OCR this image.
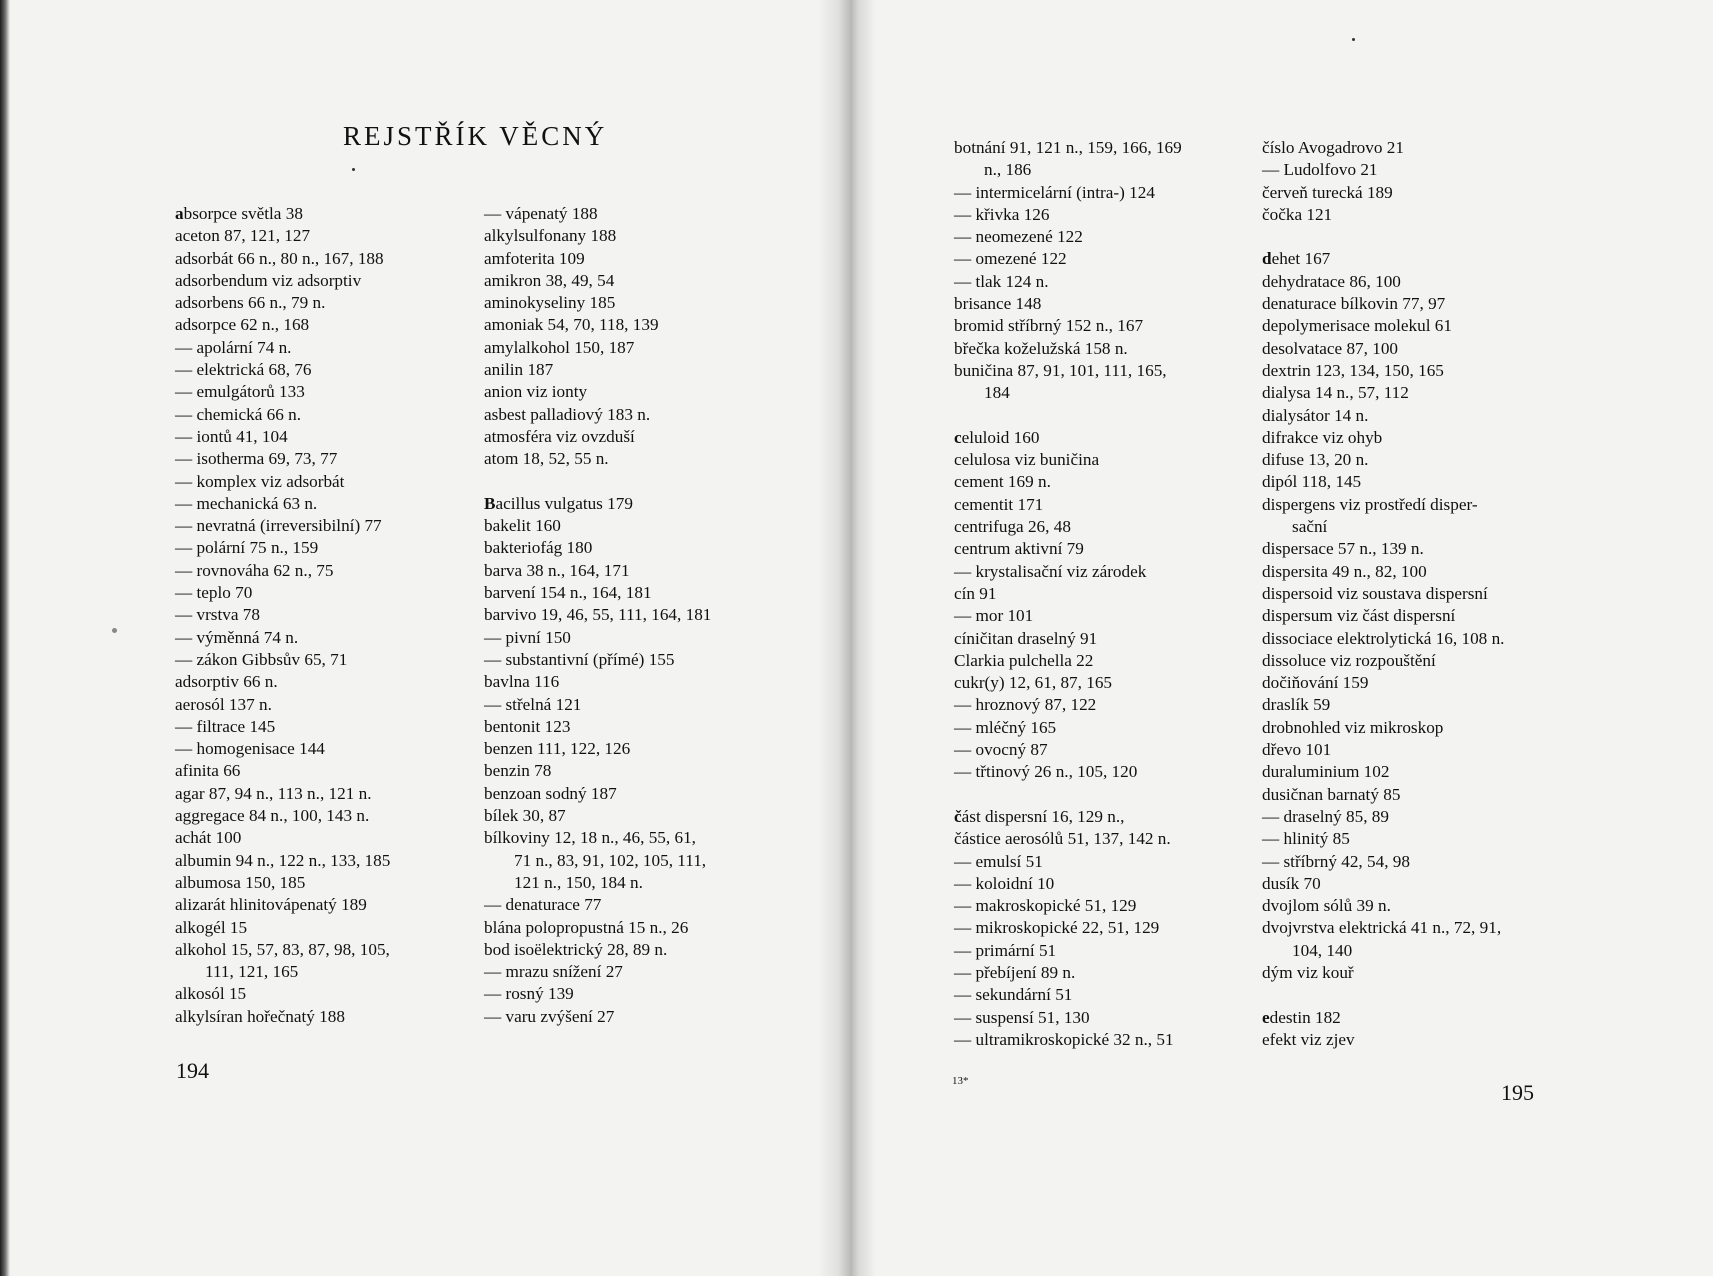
REJSTŘÍK VĚCNÝ
absorpce světla 38
aceton 87, 121, 127
adsorbát 66 n., 80 n., 167, 188
adsorbendum viz adsorptiv
adsorbens 66 n., 79 n.
adsorpce 62 n., 168
— apolární 74 n.
— elektrická 68, 76
— emulgátorů 133
— chemická 66 n.
— iontů 41, 104
— isotherma 69, 73, 77
— komplex viz adsorbát
— mechanická 63 n.
— nevratná (irreversibilní) 77
— polární 75 n., 159
— rovnováha 62 n., 75
— teplo 70
— vrstva 78
— výměnná 74 n.
— zákon Gibbsův 65, 71
adsorptiv 66 n.
aerosól 137 n.
— filtrace 145
— homogenisace 144
afinita 66
agar 87, 94 n., 113 n., 121 n.
aggregace 84 n., 100, 143 n.
achát 100
albumin 94 n., 122 n., 133, 185
albumosa 150, 185
alizarát hlinitovápenatý 189
alkogél 15
alkohol 15, 57, 83, 87, 98, 105,
111, 121, 165
alkosól 15
alkylsíran hořečnatý 188
— vápenatý 188
alkylsulfonany 188
amfoterita 109
amikron 38, 49, 54
aminokyseliny 185
amoniak 54, 70, 118, 139
amylalkohol 150, 187
anilin 187
anion viz ionty
asbest palladiový 183 n.
atmosféra viz ovzduší
atom 18, 52, 55 n.
Bacillus vulgatus 179
bakelit 160
bakteriofág 180
barva 38 n., 164, 171
barvení 154 n., 164, 181
barvivo 19, 46, 55, 111, 164, 181
— pivní 150
— substantivní (přímé) 155
bavlna 116
— střelná 121
bentonit 123
benzen 111, 122, 126
benzin 78
benzoan sodný 187
bílek 30, 87
bílkoviny 12, 18 n., 46, 55, 61,
71 n., 83, 91, 102, 105, 111,
121 n., 150, 184 n.
— denaturace 77
blána polopropustná 15 n., 26
bod isoëlektrický 28, 89 n.
— mrazu snížení 27
— rosný 139
— varu zvýšení 27

194

botnání 91, 121 n., 159, 166, 169
n., 186
— intermicelární (intra-) 124
— křivka 126
— neomezené 122
— omezené 122
— tlak 124 n.
brisance 148
bromid stříbrný 152 n., 167
břečka koželužská 158 n.
buničina 87, 91, 101, 111, 165,
184
celuloid 160
celulosa viz buničina
cement 169 n.
cementit 171
centrifuga 26, 48
centrum aktivní 79
— krystalisační viz zárodek
cín 91
— mor 101
cíničitan draselný 91
Clarkia pulchella 22
cukr(y) 12, 61, 87, 165
— hroznový 87, 122
— mléčný 165
— ovocný 87
— třtinový 26 n., 105, 120
část dispersní 16, 129 n.,
částice aerosólů 51, 137, 142 n.
— emulsí 51
— koloidní 10
— makroskopické 51, 129
— mikroskopické 22, 51, 129
— primární 51
— přebíjení 89 n.
— sekundární 51
— suspensí 51, 130
— ultramikroskopické 32 n., 51
číslo Avogadrovo 21
— Ludolfovo 21
červeň turecká 189
čočka 121
dehet 167
dehydratace 86, 100
denaturace bílkovin 77, 97
depolymerisace molekul 61
desolvatace 87, 100
dextrin 123, 134, 150, 165
dialysa 14 n., 57, 112
dialysátor 14 n.
difrakce viz ohyb
difuse 13, 20 n.
dipól 118, 145
dispergens viz prostředí disper-
sační
dispersace 57 n., 139 n.
dispersita 49 n., 82, 100
dispersoid viz soustava dispersní
dispersum viz část dispersní
dissociace elektrolytická 16, 108 n.
dissoluce viz rozpouštění
dočiňování 159
draslík 59
drobnohled viz mikroskop
dřevo 101
duraluminium 102
dusičnan barnatý 85
— draselný 85, 89
— hlinitý 85
— stříbrný 42, 54, 98
dusík 70
dvojlom sólů 39 n.
dvojvrstva elektrická 41 n., 72, 91,
104, 140
dým viz kouř
edestin 182
efekt viz zjev

13*	195
